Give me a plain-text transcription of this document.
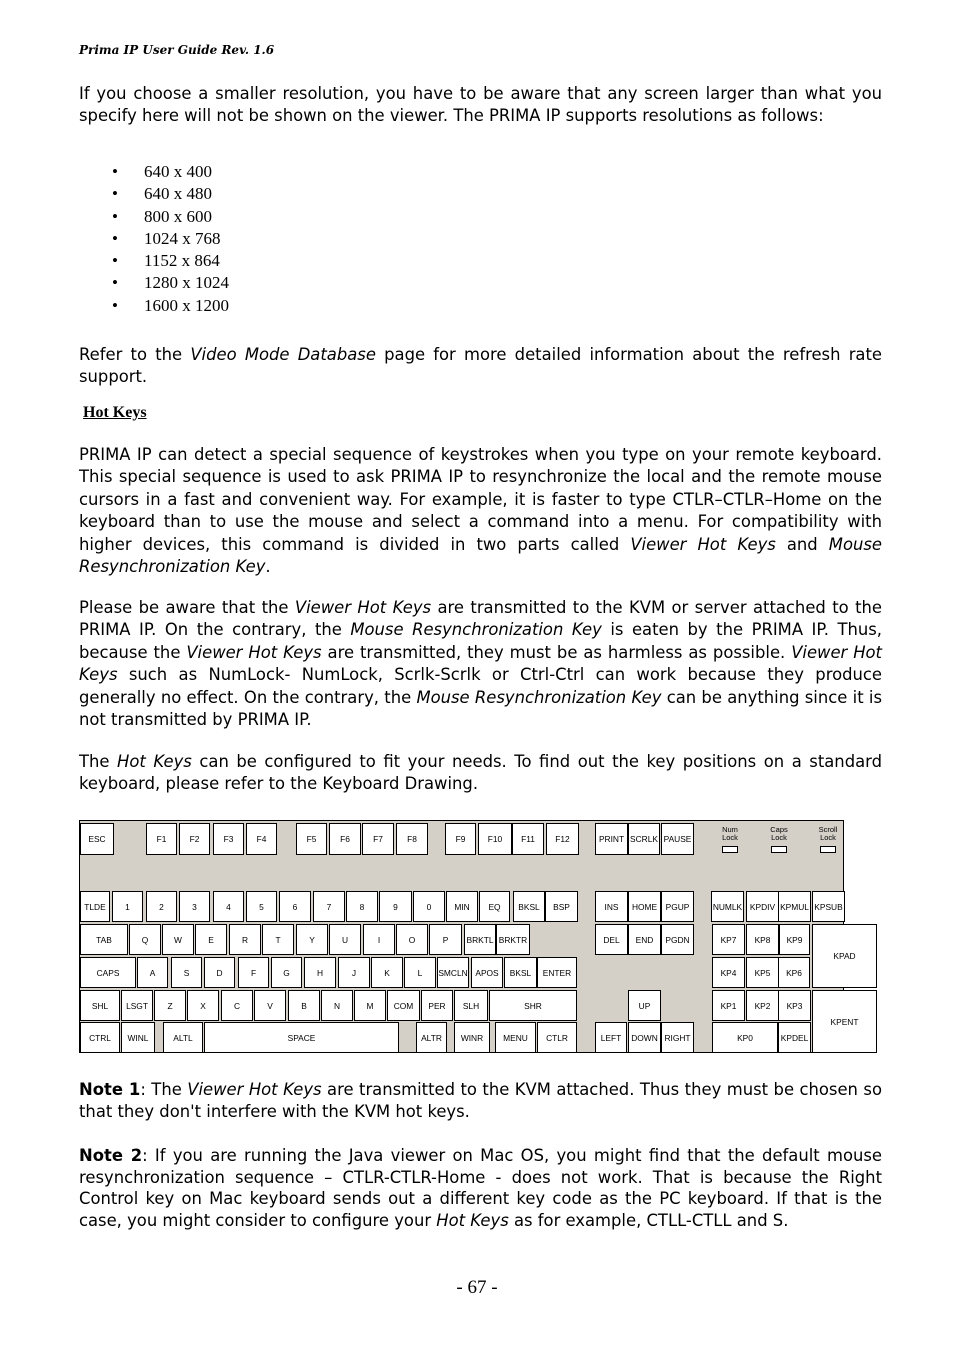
Prima IP User Guide Rev. 1.6

If you choose a smaller resolution, you have to be aware that any screen larger than what you specify here will not be shown on the viewer. The PRIMA IP supports resolutions as follows:

• 640 x 400
• 640 x 480
• 800 x 600
• 1024 x 768
• 1152 x 864
• 1280 x 1024
• 1600 x 1200

Refer to the Video Mode Database page for more detailed information about the refresh rate support.

Hot Keys

PRIMA IP can detect a special sequence of keystrokes when you type on your remote keyboard. This special sequence is used to ask PRIMA IP to resynchronize the local and the remote mouse cursors in a fast and convenient way. For example, it is faster to type CTLR–CTLR–Home on the keyboard than to use the mouse and select a command into a menu. For compatibility with higher devices, this command is divided in two parts called Viewer Hot Keys and Mouse Resynchronization Key.

Please be aware that the Viewer Hot Keys are transmitted to the KVM or server attached to the PRIMA IP. On the contrary, the Mouse Resynchronization Key is eaten by the PRIMA IP. Thus, because the Viewer Hot Keys are transmitted, they must be as harmless as possible. Viewer Hot Keys such as NumLock- NumLock, Scrlk-Scrlk or Ctrl-Ctrl can work because they produce generally no effect. On the contrary, the Mouse Resynchronization Key can be anything since it is not transmitted by PRIMA IP.

The Hot Keys can be configured to fit your needs. To find out the key positions on a standard keyboard, please refer to the Keyboard Drawing.

ESC	F1	F2	F3	F4	F5	F6	F7	F8	F9	F10	F11	F12	PRINT SCRLK PAUSE
TLDE	1	2	3	4	5	6	7	8	9	0	MIN	EQ	BKSL	BSP	INS	HOME	PGUP	NUMLK KPDIV KPMUL KPSUB
TAB	Q	W	E	R	T	Y	U	I	O	P	BRKTL BRKTR	DEL	END	PGDN	KP7	KP8	KP9
KPAD
CAPS	A	S	D	F	G	H	J	K	L	SMCLN APOS	BKSL	ENTER	KP4	KP5	KP6
SHL	LSGT	Z	X	C	V	B	N	M	COM	PER	SLH	SHR	UP	KP1	KP2	KP3
KPENT
CTRL	WINL	ALTL	SPACE	ALTR	WINR	MENU	CTLR	LEFT	DOWN RIGHT	KP0	KPDEL
Num
Lock
Caps
Lock
Scroll
Lock

Note 1: The Viewer Hot Keys are transmitted to the KVM attached. Thus they must be chosen so that they don't interfere with the KVM hot keys.

Note 2: If you are running the Java viewer on Mac OS, you might find that the default mouse resynchronization sequence – CTLR-CTLR-Home - does not work. That is because the Right Control key on Mac keyboard sends out a different key code as the PC keyboard. If that is the case, you might consider to configure your Hot Keys as for example, CTLL-CTLL and S.

- 67 -
